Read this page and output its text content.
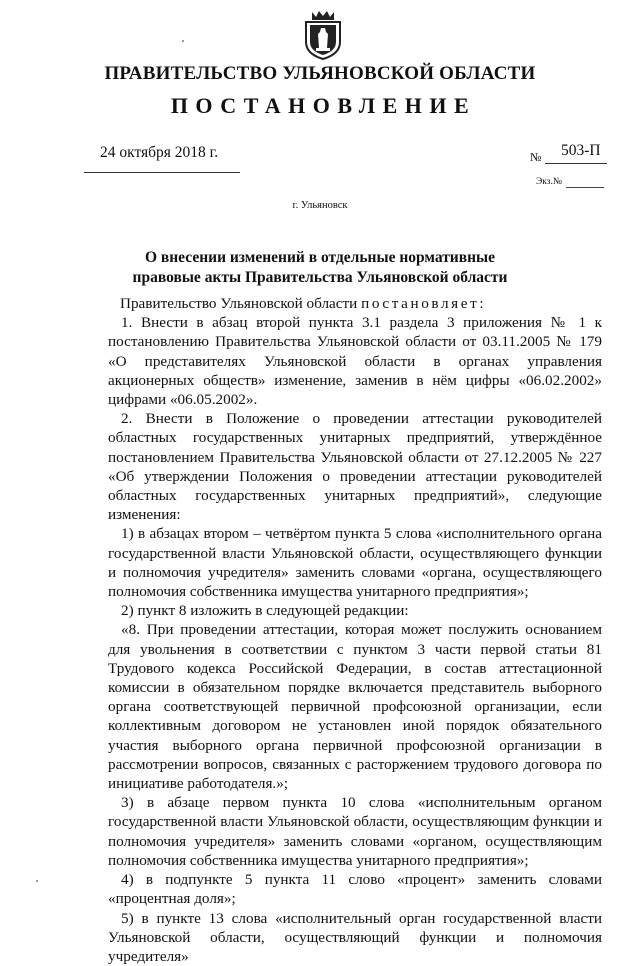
ПРАВИТЕЛЬСТВО УЛЬЯНОВСКОЙ ОБЛАСТИ
ПОСТАНОВЛЕНИЕ
24 октября 2018 г.	№ 503-П
Экз.№
г. Ульяновск
О внесении изменений в отдельные нормативные правовые акты Правительства Ульяновской области

Правительство Ульяновской области постановляет:

1. Внести в абзац второй пункта 3.1 раздела 3 приложения № 1 к постановлению Правительства Ульяновской области от 03.11.2005 № 179 «О представителях Ульяновской области в органах управления акционерных обществ» изменение, заменив в нём цифры «06.02.2002» цифрами «06.05.2002».

2. Внести в Положение о проведении аттестации руководителей областных государственных унитарных предприятий, утверждённое постановлением Правительства Ульяновской области от 27.12.2005 № 227 «Об утверждении Положения о проведении аттестации руководителей областных государственных унитарных предприятий», следующие изменения:

1) в абзацах втором – четвёртом пункта 5 слова «исполнительного органа государственной власти Ульяновской области, осуществляющего функции и полномочия учредителя» заменить словами «органа, осуществляющего полномочия собственника имущества унитарного предприятия»;

2) пункт 8 изложить в следующей редакции:

«8. При проведении аттестации, которая может послужить основанием для увольнения в соответствии с пунктом 3 части первой статьи 81 Трудового кодекса Российской Федерации, в состав аттестационной комиссии в обязательном порядке включается представитель выборного органа соответствующей первичной профсоюзной организации, если коллективным договором не установлен иной порядок обязательного участия выборного органа первичной профсоюзной организации в рассмотрении вопросов, связанных с расторжением трудового договора по инициативе работодателя.»;

3) в абзаце первом пункта 10 слова «исполнительным органом государственной власти Ульяновской области, осуществляющим функции и полномочия учредителя» заменить словами «органом, осуществляющим полномочия собственника имущества унитарного предприятия»;

4) в подпункте 5 пункта 11 слово «процент» заменить словами «процентная доля»;

5) в пункте 13 слова «исполнительный орган государственной власти Ульяновской области, осуществляющий функции и полномочия учредителя»
